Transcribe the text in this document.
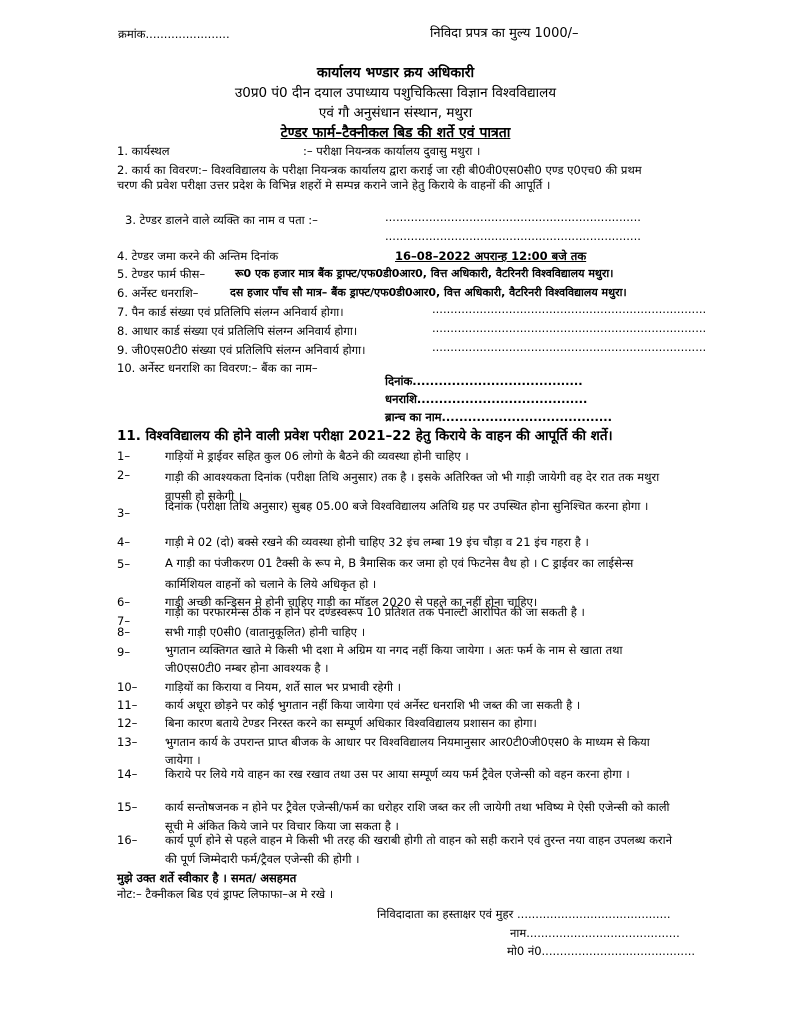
क्रमांक.......................	निविदा प्रपत्र का मुल्य 1000/–
कार्यालय भण्डार क्रय अधिकारी
उ0प्र0 पं0 दीन दयाल उपाध्याय पशुचिकित्सा विज्ञान विश्वविद्यालय
एवं गौ अनुसंधान संस्थान, मथुरा
टेण्डर फार्म–टैक्नीकल बिड की शर्ते एवं पात्रता
1. कार्यस्थल	:– परीक्षा नियन्त्रक कार्यालय दुवासु मथुरा ।
2. कार्य का विवरण:– विश्वविद्यालय के परीक्षा नियन्त्रक कार्यालय द्वारा कराई जा रही बी0वी0एस0सी0 एण्ड ए0एच0 की प्रथम चरण की प्रवेश परीक्षा उत्तर प्रदेश के विभिन्न शहरों मे सम्पन्न कराने जाने हेतु किराये के वाहनों की आपूर्ति ।
3. टेण्डर डालने वाले व्यक्ति का नाम व पता :–	......................................................................
......................................................................
4. टेण्डर जमा करने की अन्तिम दिनांक	16–08–2022 अपरान्ह 12:00 बजे तक
5. टेण्डर फार्म फीस–	रू0 एक हजार मात्र बैंक ड्राफ्ट/एफ0डी0आर0, वित्त अधिकारी, वैटरिनरी विश्वविद्यालय मथुरा।
6. अर्नेस्ट धनराशि–	दस हजार पाँच सौ मात्र– बैंक ड्राफ्ट/एफ0डी0आर0, वित्त अधिकारी, वैटरिनरी विश्वविद्यालय मथुरा।
7. पैन कार्ड संख्या एवं प्रतिलिपि संलग्न अनिवार्य होगा।	...........................................................................
8. आधार कार्ड संख्या एवं प्रतिलिपि संलग्न अनिवार्य होगा।	...........................................................................
9. जी0एस0टी0 संख्या एवं प्रतिलिपि संलग्न अनिवार्य होगा।	...........................................................................
10. अर्नेस्ट धनराशि का विवरण:– बैंक का नाम–
दिनांक.......................................
धनराशि.......................................
ब्रान्च का नाम.......................................
11. विश्वविद्यालय की होने वाली प्रवेश परीक्षा 2021–22 हेतु किराये के वाहन की आपूर्ति की शर्ते।
1–	गाड़ियों मे ड्राईवर सहित कुल 06 लोगो के बैठने की व्यवस्था होनी चाहिए ।
2–	गाड़ी की आवश्यकता दिनांक (परीक्षा तिथि अनुसार) तक है । इसके अतिरिक्त जो भी गाड़ी जायेगी वह देर रात तक मथुरा वापसी हो सकेगी ।
3–	दिनांक (परीक्षा तिथि अनुसार) सुबह 05.00 बजे विश्वविद्यालय अतिथि ग्रह पर उपस्थित होना सुनिश्चित करना होगा ।
4–	गाड़ी मे 02 (दो) बक्से रखने की व्यवस्था होनी चाहिए 32 इंच लम्बा 19 इंच चौड़ा व 21 इंच गहरा है ।
5–	A गाड़ी का पंजीकरण 01 टैक्सी के रूप मे, B त्रैमासिक कर जमा हो एवं फिटनेस वैध हो । C ड्राईवर का लाईसेन्स कार्मिशियल वाहनों को चलाने के लिये अधिकृत हो ।
6–	गाड़ी अच्छी कन्डिसन मे होनी चाहिए गाड़ी का मॉडल 2020 से पहले का नहीं होना चाहिए।
7–
गाड़ी का परफारमेन्स ठीक न होने पर दण्डस्वरूप 10 प्रतिशत तक पेनाल्टी आरोपित की जा सकती है ।
8–	सभी गाड़ी ए0सी0 (वातानुकूलित) होनी चाहिए ।
9–	भुगतान व्यक्तिगत खाते मे किसी भी दशा मे अग्रिम या नगद नहीं किया जायेगा । अतः फर्म के नाम से खाता तथा जी0एस0टी0 नम्बर होना आवश्यक है ।
10– गाड़ियों का किराया व नियम, शर्ते साल भर प्रभावी रहेगी ।
11– कार्य अधूरा छोड़ने पर कोई भुगतान नहीं किया जायेगा एवं अर्नेस्ट धनराशि भी जब्त की जा सकती है ।
12– बिना कारण बताये टेण्डर निरस्त करने का सम्पूर्ण अधिकार विश्वविद्यालय प्रशासन का होगा।
13– भुगतान कार्य के उपरान्त प्राप्त बीजक के आधार पर विश्वविद्यालय नियमानुसार आर0टी0जी0एस0 के माध्यम से किया जायेगा ।
14– किराये पर लिये गये वाहन का रख रखाव तथा उस पर आया सम्पूर्ण व्यय फर्म ट्रैवेल एजेन्सी को वहन करना होगा ।
15– कार्य सन्तोषजनक न होने पर ट्रैवेल एजेन्सी/फर्म का धरोहर राशि जब्त कर ली जायेगी तथा भविष्य मे ऐसी एजेन्सी को काली सूची मे अंकित किये जाने पर विचार किया जा सकता है ।
16– कार्य पूर्ण होने से पहले वाहन मे किसी भी तरह की खराबी होगी तो वाहन को सही कराने एवं तुरन्त नया वाहन उपलब्ध कराने की पूर्ण जिम्मेदारी फर्म/ट्रैवल एजेन्सी की होगी ।
मुझे उक्त शर्ते स्वीकार है । समत/ असहमत
नोट:– टैक्नीकल बिड एवं ड्राफ्ट लिफाफा–अ मे रखे ।
निविदादाता का हस्ताक्षर एवं मुहर ..........................................
नाम..........................................
मो0 नं0..........................................
